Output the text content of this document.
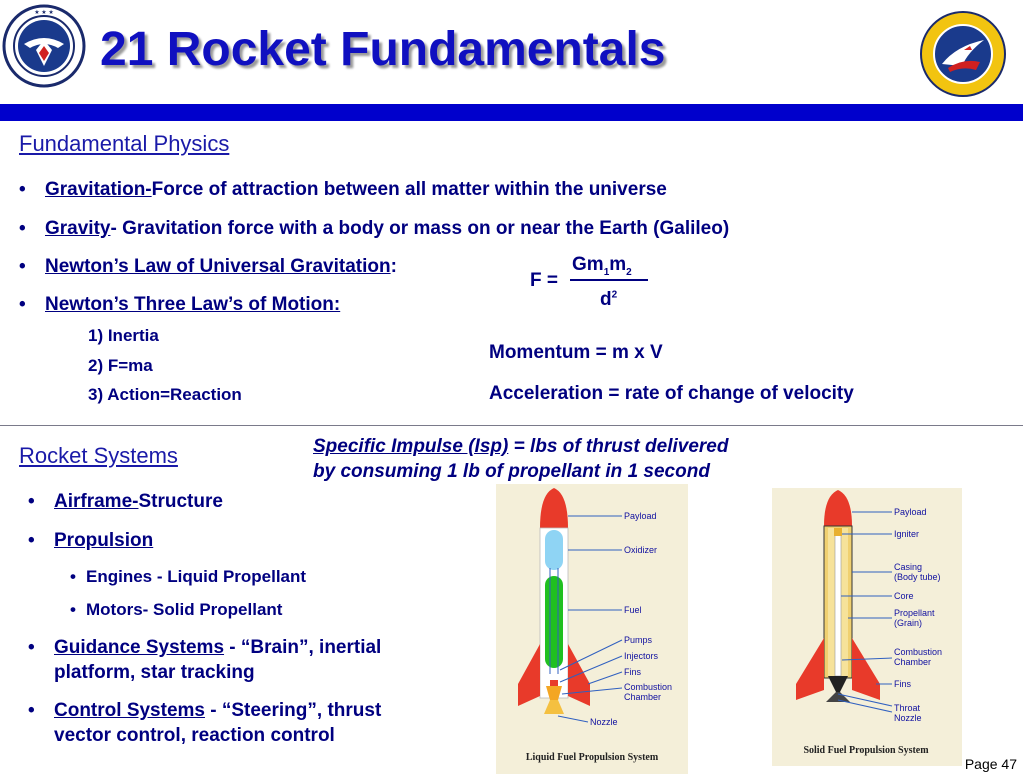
★ ★ ★
21 Rocket Fundamentals
Fundamental Physics
• Gravitation-Force of attraction between all matter within the universe
• Gravity- Gravitation force with a body or mass on or near the Earth (Galileo)
• Newton’s Law of Universal Gravitation:
• Newton’s Three Law’s of Motion:
1) Inertia
2) F=ma
3) Action=Reaction
F =
$Gm_1m_2$
$d^2$
Momentum = m x V
Acceleration = rate of change of velocity
Rocket Systems	Specific Impulse (Isp) = lbs of thrust delivered
by consuming 1 lb of propellant in 1 second
• Airframe-Structure
• Propulsion
• Engines - Liquid Propellant
• Motors- Solid Propellant
• Guidance Systems - “Brain”, inertial
platform, star tracking
• Control Systems - “Steering”, thrust
vector control, reaction control
Payload
Oxidizer
Fuel
Pumps
Injectors
Fins
Combustion
Chamber
Nozzle
Liquid Fuel Propulsion System
Payload
Igniter
Casing
(Body tube)
Core
Propellant
(Grain)
Combustion
Chamber
Fins
Throat
Nozzle
Solid Fuel Propulsion System
Page 47
